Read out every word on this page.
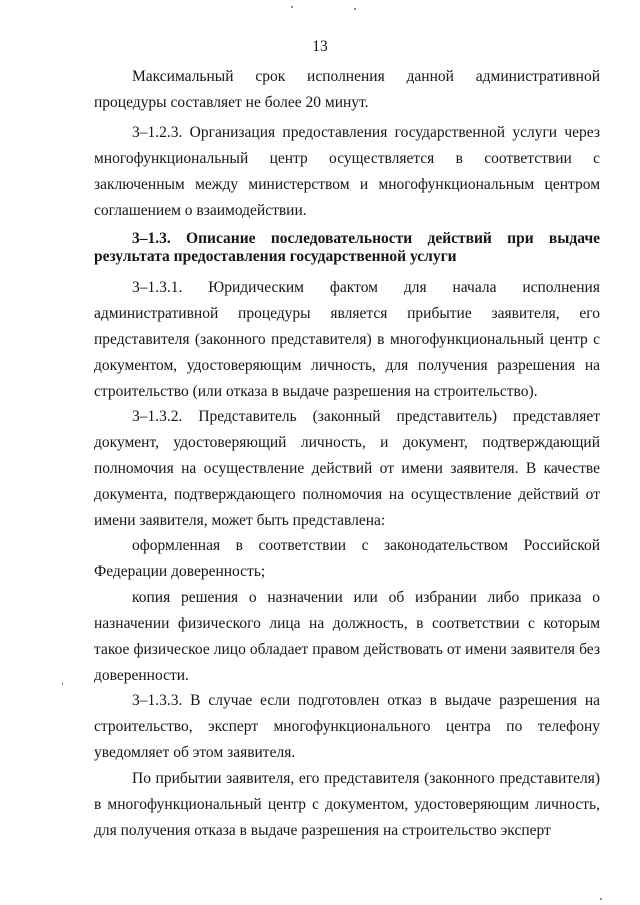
13

Максимальный срок исполнения данной административной процедуры составляет не более 20 минут.

3–1.2.3. Организация предоставления государственной услуги через многофункциональный центр осуществляется в соответствии с заключенным между министерством и многофункциональным центром соглашением о взаимодействии.

3–1.3. Описание последовательности действий при выдаче результата предоставления государственной услуги

3–1.3.1. Юридическим фактом для начала исполнения административной процедуры является прибытие заявителя, его представителя (законного представителя) в многофункциональный центр с документом, удостоверяющим личность, для получения разрешения на строительство (или отказа в выдаче разрешения на строительство).

3–1.3.2. Представитель (законный представитель) представляет документ, удостоверяющий личность, и документ, подтверждающий полномочия на осуществление действий от имени заявителя. В качестве документа, подтверждающего полномочия на осуществление действий от имени заявителя, может быть представлена:

оформленная в соответствии с законодательством Российской Федерации доверенность;

копия решения о назначении или об избрании либо приказа о назначении физического лица на должность, в соответствии с которым такое физическое лицо обладает правом действовать от имени заявителя без доверенности.

3–1.3.3. В случае если подготовлен отказ в выдаче разрешения на строительство, эксперт многофункционального центра по телефону уведомляет об этом заявителя.

По прибытии заявителя, его представителя (законного представителя) в многофункциональный центр с документом, удостоверяющим личность, для получения отказа в выдаче разрешения на строительство эксперт
